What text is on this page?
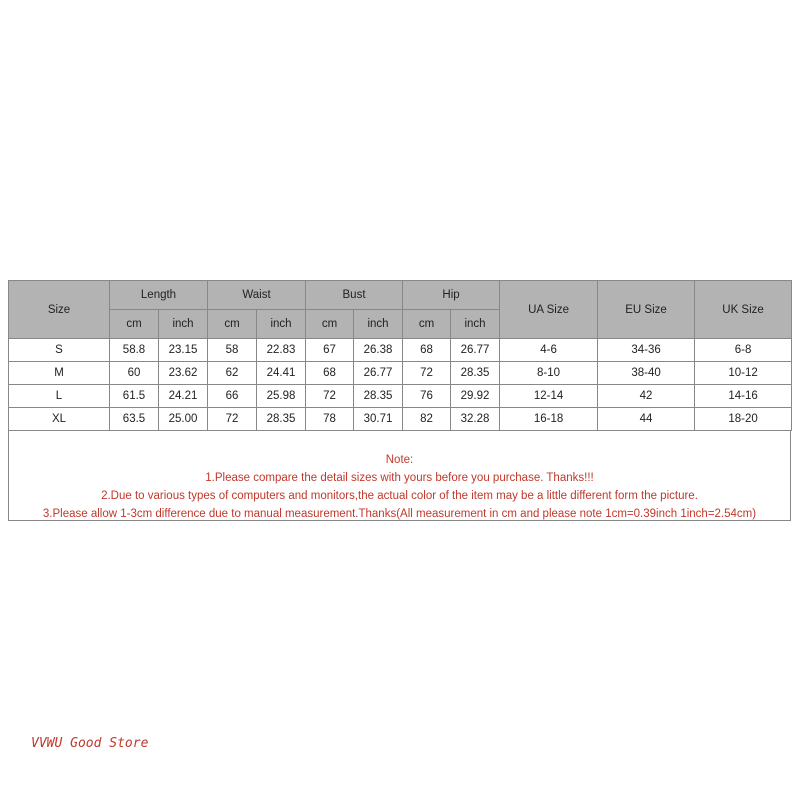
Size	Length		Waist		Bust		Hip		UA Size	EU Size	UK Size
	cm	inch	cm	inch	cm	inch	cm	inch			
S	58.8	23.15	58	22.83	67	26.38	68	26.77	4-6	34-36	6-8
M	60	23.62	62	24.41	68	26.77	72	28.35	8-10	38-40	10-12
L	61.5	24.21	66	25.98	72	28.35	76	29.92	12-14	42	14-16
XL	63.5	25.00	72	28.35	78	30.71	82	32.28	16-18	44	18-20
Note:
1.Please compare the detail sizes with yours before you purchase. Thanks!!!
2.Due to various types of computers and monitors,the actual color of the item may be a little different form the picture.
3.Please allow 1-3cm difference due to manual measurement.Thanks(All measurement in cm and please note 1cm=0.39inch 1inch=2.54cm)
VVWU Good Store
